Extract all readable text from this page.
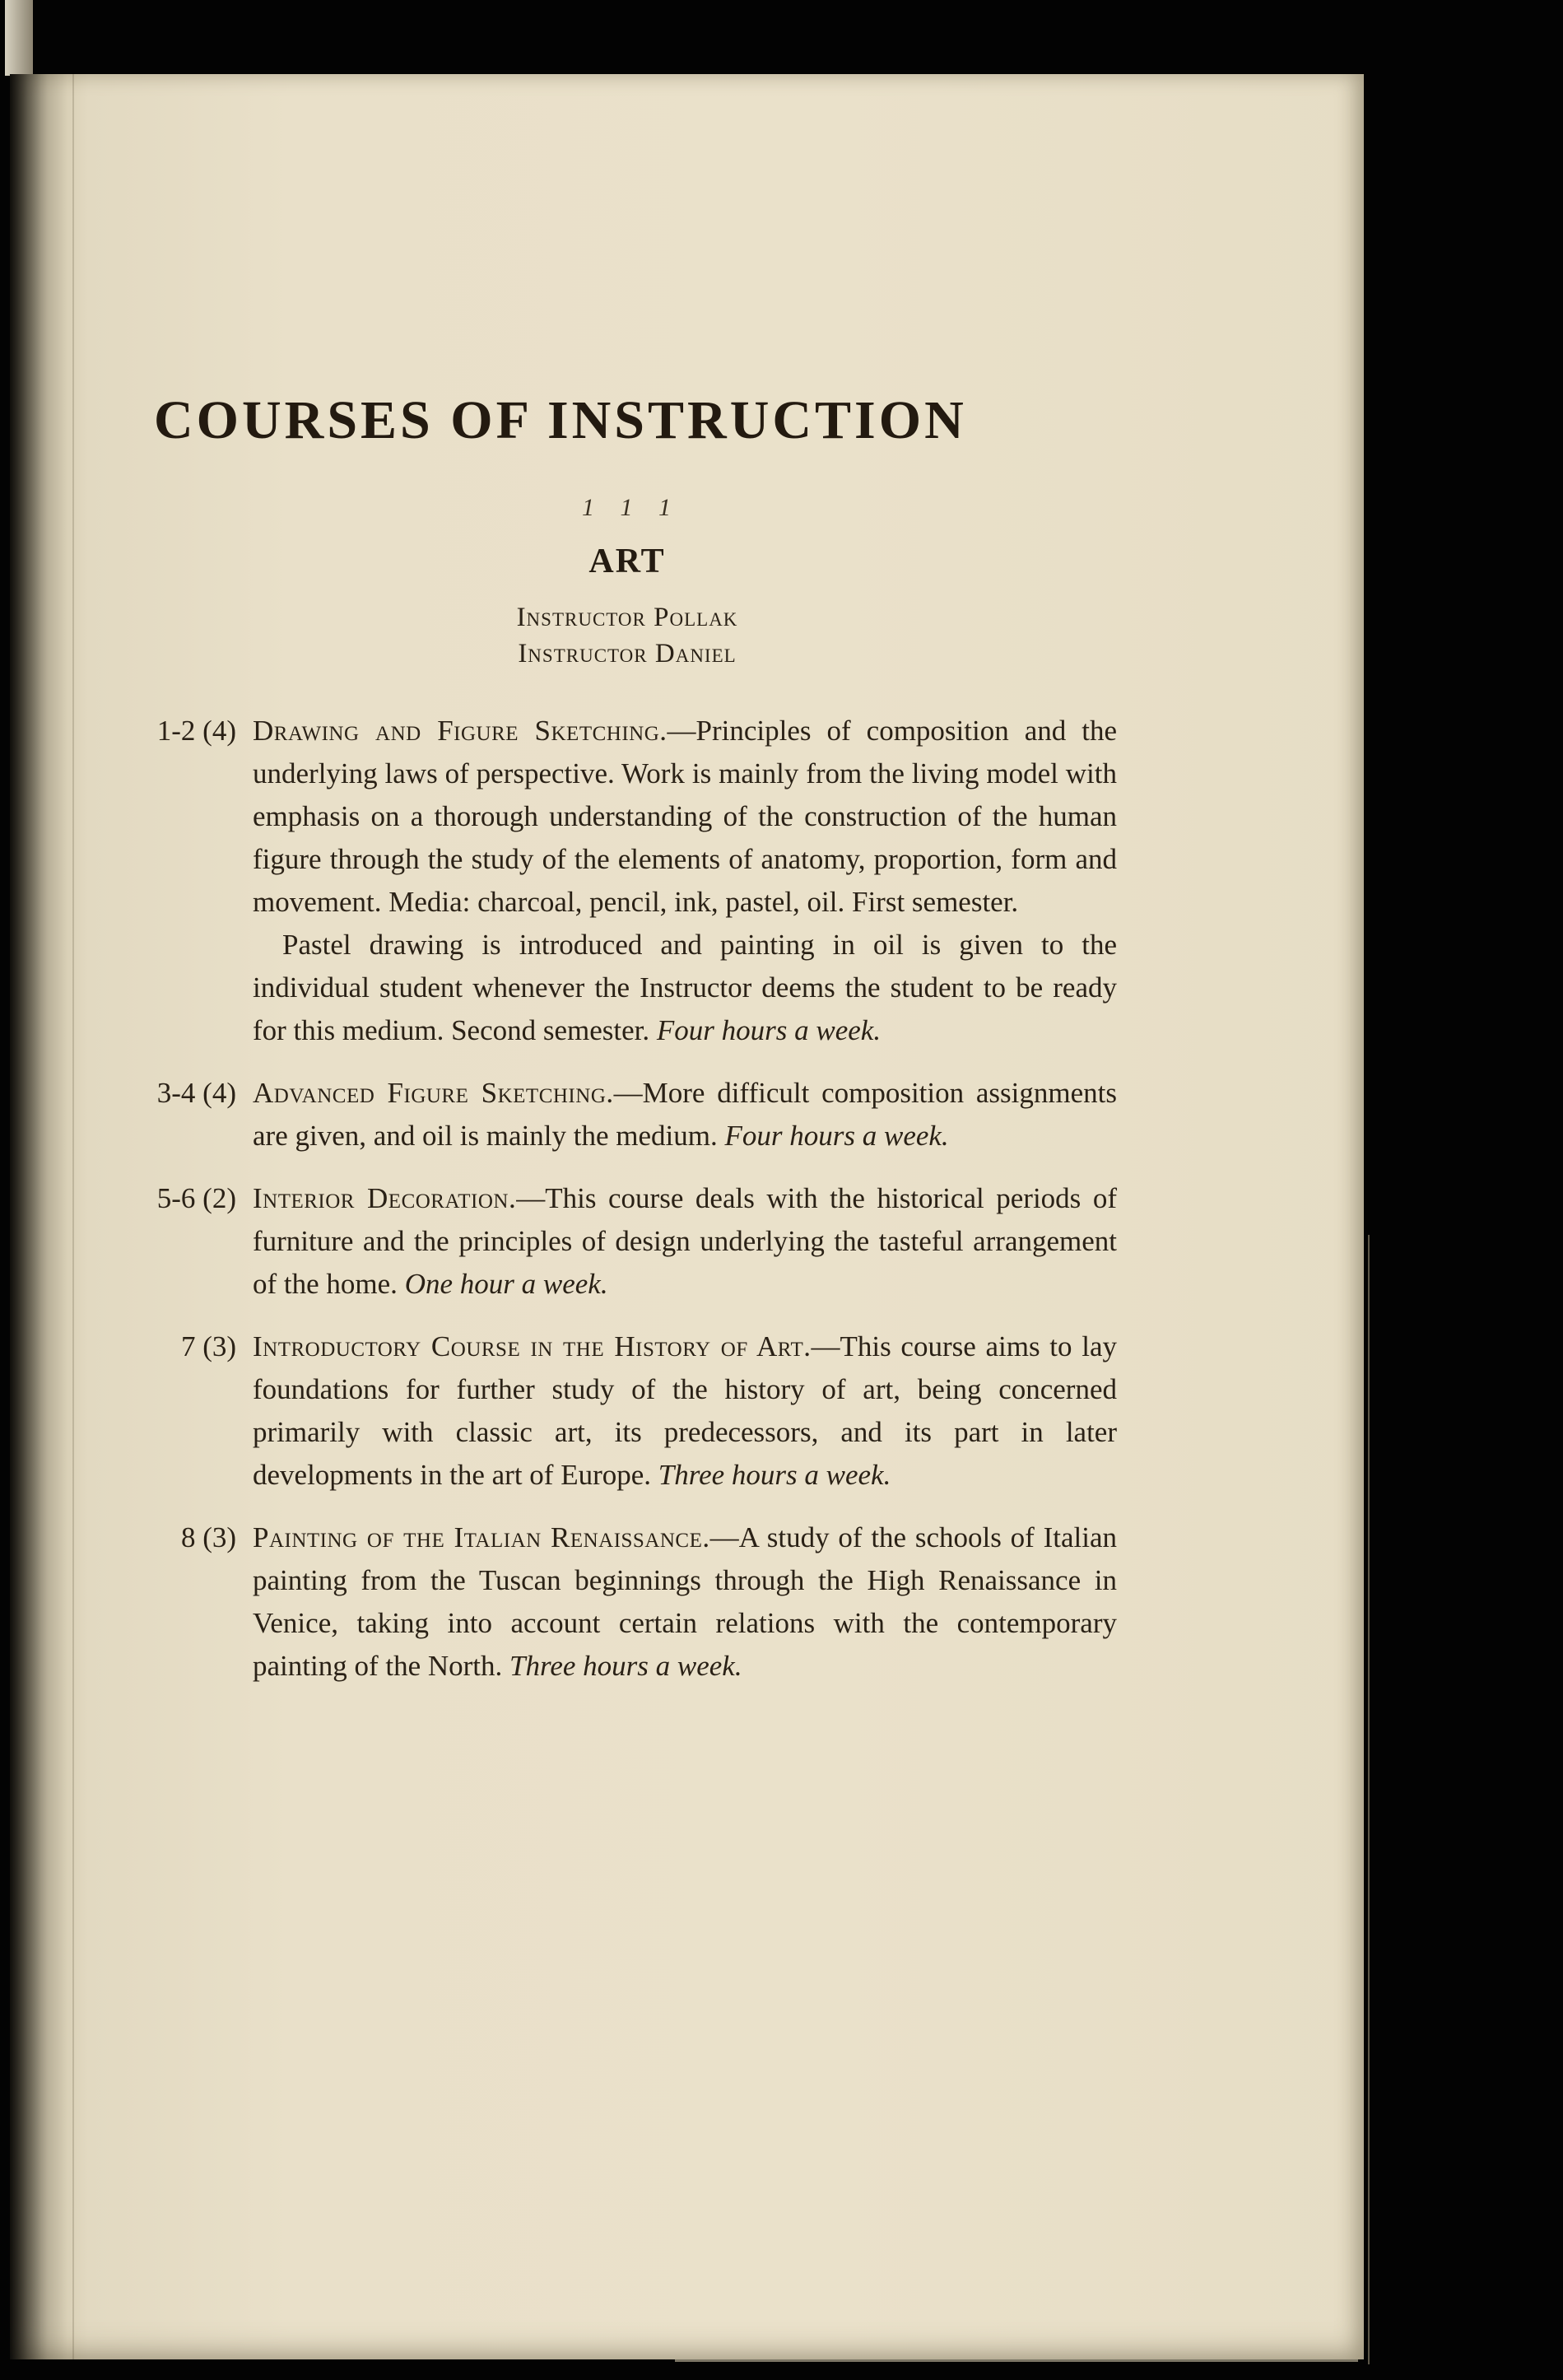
COURSES OF INSTRUCTION
1 1 1
ART
Instructor Pollak
Instructor Daniel
1-2 (4) Drawing and Figure Sketching.—Principles of composition and the underlying laws of perspective. Work is mainly from the living model with emphasis on a thorough understanding of the construction of the human figure through the study of the elements of anatomy, proportion, form and movement. Media: charcoal, pencil, ink, pastel, oil. First semester.

Pastel drawing is introduced and painting in oil is given to the individual student whenever the Instructor deems the student to be ready for this medium. Second semester. Four hours a week.

3-4 (4) Advanced Figure Sketching.—More difficult composition assignments are given, and oil is mainly the medium. Four hours a week.

5-6 (2) Interior Decoration.—This course deals with the historical periods of furniture and the principles of design underlying the tasteful arrangement of the home. One hour a week.

7 (3) Introductory Course in the History of Art.—This course aims to lay foundations for further study of the history of art, being concerned primarily with classic art, its predecessors, and its part in later developments in the art of Europe. Three hours a week.

8 (3) Painting of the Italian Renaissance.—A study of the schools of Italian painting from the Tuscan beginnings through the High Renaissance in Venice, taking into account certain relations with the contemporary painting of the North. Three hours a week.
